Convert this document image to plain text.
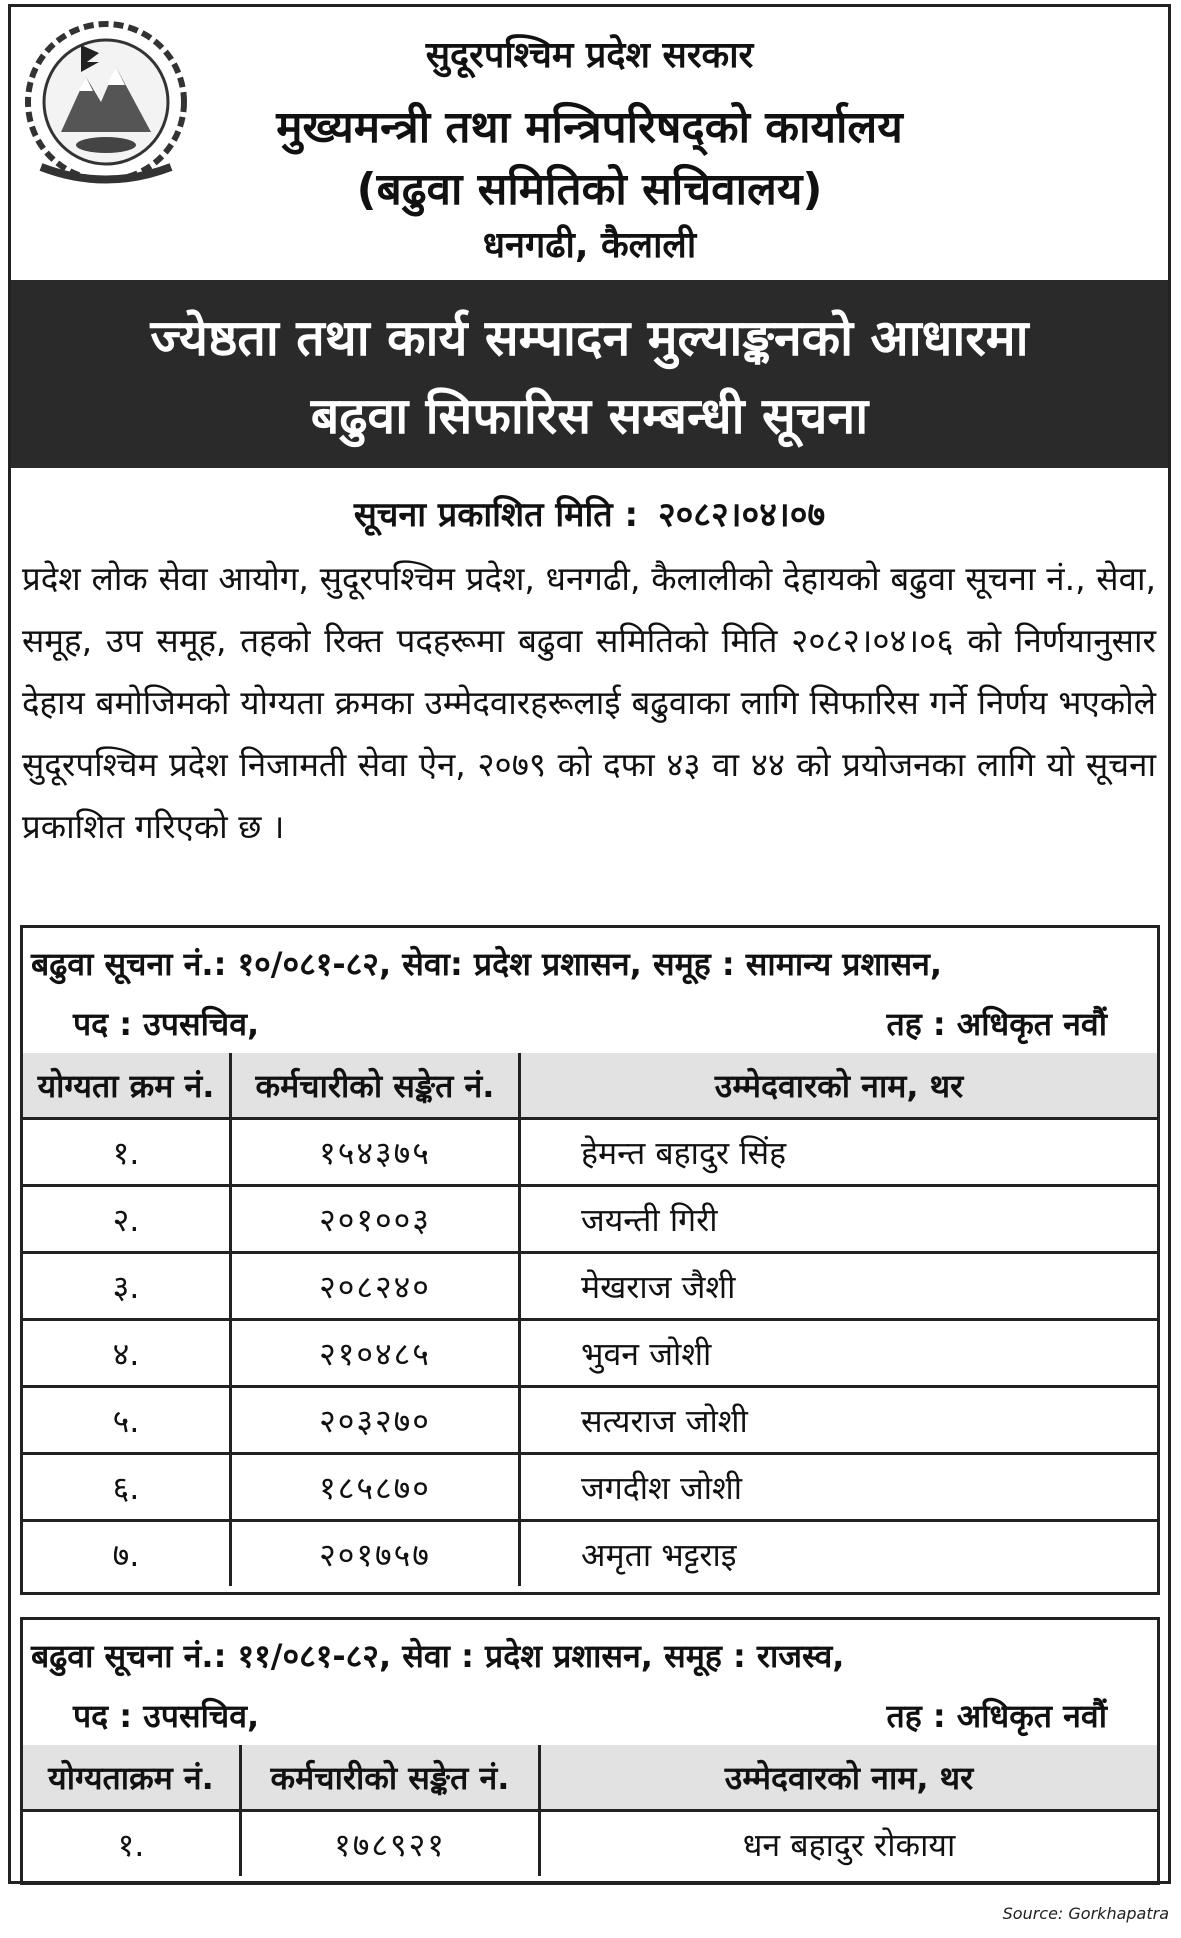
सुदूरपश्चिम प्रदेश सरकार
मुख्यमन्त्री तथा मन्त्रिपरिषद्को कार्यालय
(बढुवा समितिको सचिवालय)
धनगढी, कैलाली
ज्येष्ठता तथा कार्य सम्पादन मुल्याङ्कनको आधारमा
बढुवा सिफारिस सम्बन्धी सूचना
सूचना प्रकाशित मिति : २०८२।०४।०७
प्रदेश लोक सेवा आयोग, सुदूरपश्चिम प्रदेश, धनगढी, कैलालीको देहायको बढुवा सूचना नं., सेवा, समूह, उप समूह, तहको रिक्त पदहरूमा बढुवा समितिको मिति २०८२।०४।०६ को निर्णयानुसार देहाय बमोजिमको योग्यता क्रमका उम्मेदवारहरूलाई बढुवाका लागि सिफारिस गर्ने निर्णय भएकोले सुदूरपश्चिम प्रदेश निजामती सेवा ऐन, २०७९ को दफा ४३ वा ४४ को प्रयोजनका लागि यो सूचना प्रकाशित गरिएको छ ।
बढुवा सूचना नं.: १०/०८१-८२, सेवा: प्रदेश प्रशासन, समूह : सामान्य प्रशासन,
पद : उपसचिव,	तह : अधिकृत नवौं
योग्यता क्रम नं.	कर्मचारीको सङ्केत नं.	उम्मेदवारको नाम, थर
१.	१५४३७५	हेमन्त बहादुर सिंह
२.	२०१००३	जयन्ती गिरी
३.	२०८२४०	मेखराज जैशी
४.	२१०४८५	भुवन जोशी
५.	२०३२७०	सत्यराज जोशी
६.	१८५८७०	जगदीश जोशी
७.	२०१७५७	अमृता भट्टराइ
बढुवा सूचना नं.: ११/०८१-८२, सेवा : प्रदेश प्रशासन, समूह : राजस्व,
पद : उपसचिव,	तह : अधिकृत नवौं
योग्यताक्रम नं.	कर्मचारीको सङ्केत नं.	उम्मेदवारको नाम, थर
१.	१७८९२१	धन बहादुर रोकाया
Source: Gorkhapatra
